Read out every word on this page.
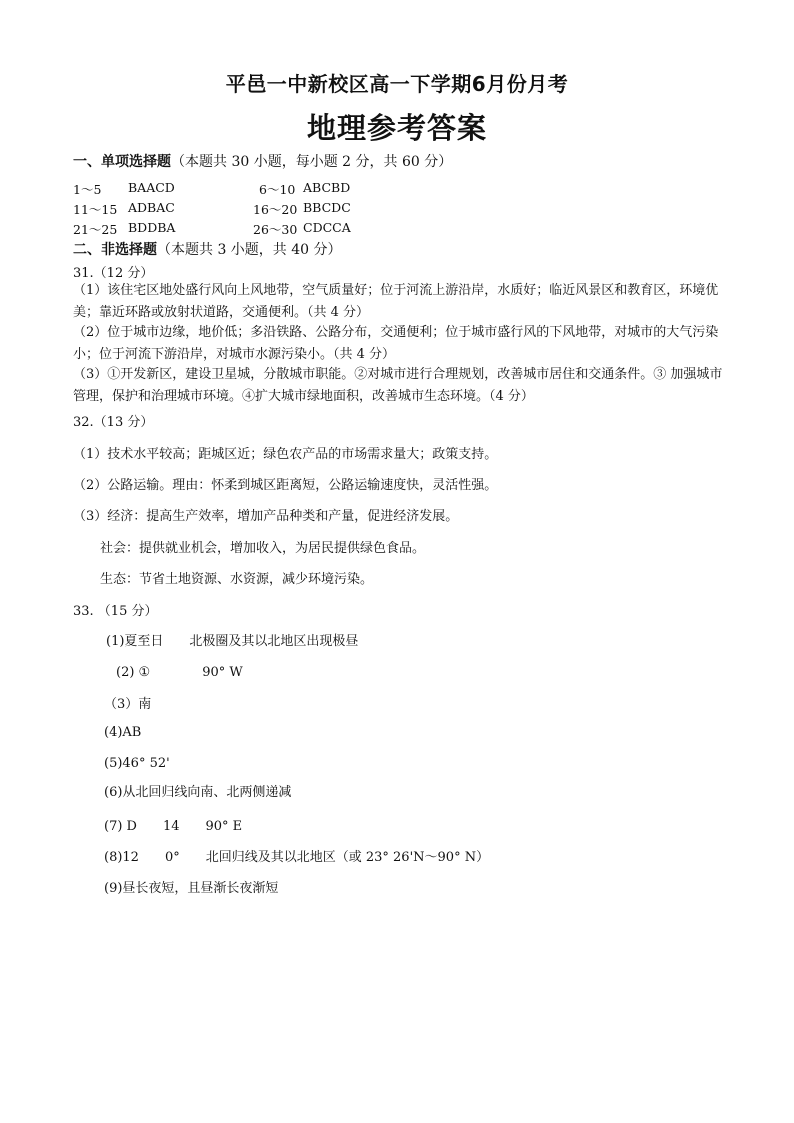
平邑一中新校区高一下学期6月份月考
地理参考答案
一、单项选择题（本题共 30 小题，每小题 2 分，共 60 分）
1～5 BAACD	6～10 ABCBD
11～15 ADBAC	16～20 BBCDC
21～25 BDDBA	26～30 CDCCA
二、非选择题（本题共 3 小题，共 40 分）
31.（12 分）
（1）该住宅区地处盛行风向上风地带，空气质量好；位于河流上游沿岸，水质好；临近风景区和教育区，环境优美；靠近环路或放射状道路，交通便利。（共 4 分）
（2）位于城市边缘，地价低；多沿铁路、公路分布，交通便利；位于城市盛行风的下风地带，对城市的大气污染小；位于河流下游沿岸，对城市水源污染小。（共 4 分）
（3）①开发新区，建设卫星城，分散城市职能。②对城市进行合理规划，改善城市居住和交通条件。③ 加强城市管理，保护和治理城市环境。④扩大城市绿地面积，改善城市生态环境。（4 分）
32.（13 分）
（1）技术水平较高；距城区近；绿色农产品的市场需求量大；政策支持。
（2）公路运输。理由：怀柔到城区距离短，公路运输速度快，灵活性强。
（3）经济：提高生产效率，增加产品种类和产量，促进经济发展。
社会：提供就业机会，增加收入，为居民提供绿色食品。
生态：节省土地资源、水资源，减少环境污染。
33. （15 分）
(1)夏至日　　北极圈及其以北地区出现极昼
(2) ①　　　　90° W
（3）南
(4)AB
(5)46° 52'
(6)从北回归线向南、北两侧递减
(7) D　　14　　90° E
(8)12　　0°　　北回归线及其以北地区（或 23° 26'N～90° N）
(9)昼长夜短，且昼渐长夜渐短
